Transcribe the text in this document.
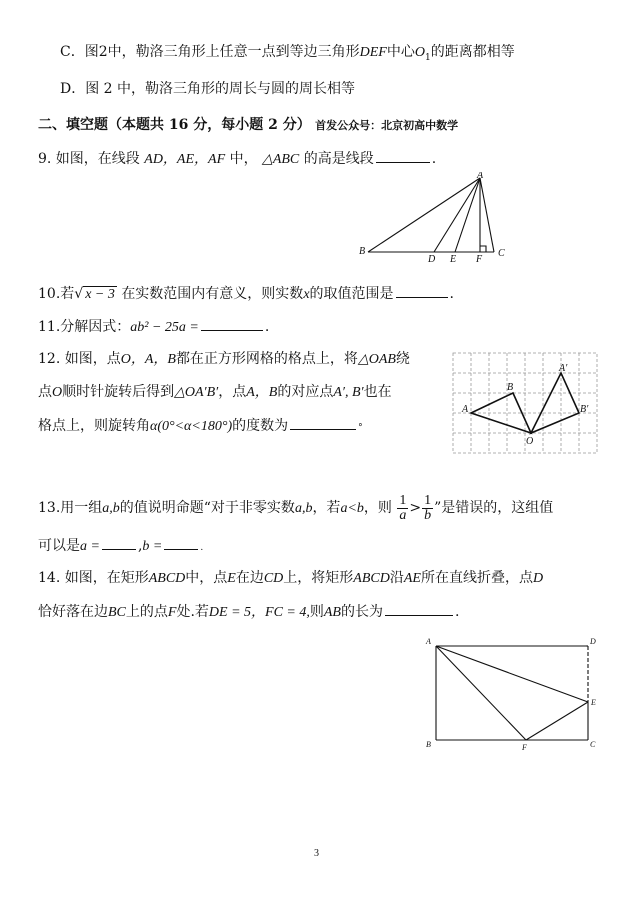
C．图2中，勒洛三角形上任意一点到等边三角形DEF中心$O_1$的距离都相等
D．图 2 中，勒洛三角形的周长与圆的周长相等
二、填空题（本题共 16 分，每小题 2 分） 首发公众号：北京初高中数学
9. 如图，在线段 AD，AE，AF 中， △ABC 的高是线段	.
A
B	C
D E F
10.若√ x − 3 在实数范围内有意义，则实数x的取值范围是	.
11.分解因式：ab² − 25a =	.
12. 如图，点O，A，B都在正方形网格的格点上，将△OAB绕
点O顺时针旋转后得到△OA′B′，点A，B的对应点A′, B′也在
格点上，则旋转角α(0°<α<180°)的度数为	°
O
A
B
A′
B′
13.用一组a,b的值说明命题“对于非零实数a,b，若a<b，则 $\frac{1}{a} > \frac{1}{b}$ ”是错误的，这组值
可以是a =	,b =	.
14. 如图，在矩形ABCD中，点E在边CD上，将矩形ABCD沿AE所在直线折叠，点D
恰好落在边BC上的点F处.若DE = 5，FC = 4,则AB的长为	.
A	D
E
B	F	C
3
